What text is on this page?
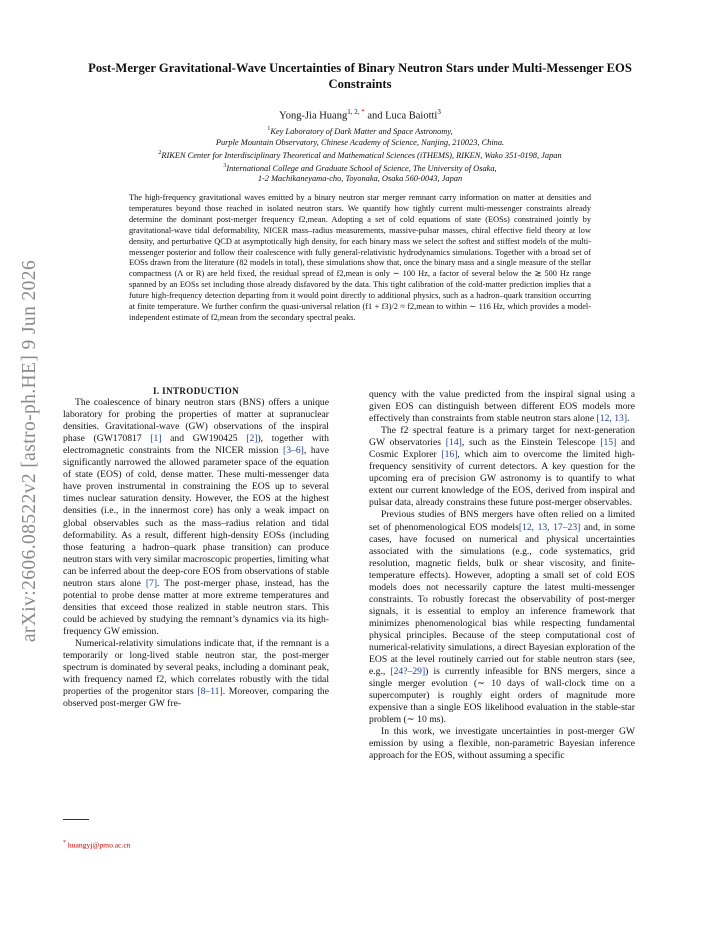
arXiv:2606.08522v2 [astro-ph.HE] 9 Jun 2026
Post-Merger Gravitational-Wave Uncertainties of Binary Neutron Stars under Multi-Messenger EOS Constraints
Yong-Jia Huang$^{1, 2,}$ * and Luca Baiotti$^3$
$^1$Key Laboratory of Dark Matter and Space Astronomy,
Purple Mountain Observatory, Chinese Academy of Science, Nanjing, 210023, China.
$^2$RIKEN Center for Interdisciplinary Theoretical and Mathematical Sciences (iTHEMS), RIKEN, Wako 351-0198, Japan
$^3$International College and Graduate School of Science, The University of Osaka,
1-2 Machikaneyama-cho, Toyonaka, Osaka 560-0043, Japan
The high-frequency gravitational waves emitted by a binary neutron star merger remnant carry information on matter at densities and temperatures beyond those reached in isolated neutron stars. We quantify how tightly current multi-messenger constraints already determine the dominant post-merger frequency f2,mean. Adopting a set of cold equations of state (EOSs) constrained jointly by gravitational-wave tidal deformability, NICER mass–radius measurements, massive-pulsar masses, chiral effective field theory at low density, and perturbative QCD at asymptotically high density, for each binary mass we select the softest and stiffest models of the multi-messenger posterior and follow their coalescence with fully general-relativistic hydrodynamics simulations. Together with a broad set of EOSs drawn from the literature (82 models in total), these simulations show that, once the binary mass and a single measure of the stellar compactness (Λ or R) are held fixed, the residual spread of f2,mean is only ∼ 100 Hz, a factor of several below the ≳ 500 Hz range spanned by an EOSs set including those already disfavored by the data. This tight calibration of the cold-matter prediction implies that a future high-frequency detection departing from it would point directly to additional physics, such as a hadron–quark transition occurring at finite temperature. We further confirm the quasi-universal relation (f1 + f3)/2 ≈ f2,mean to within ∼ 116 Hz, which provides a model-independent estimate of f2,mean from the secondary spectral peaks.

I. INTRODUCTION

The coalescence of binary neutron stars (BNS) offers a unique laboratory for probing the properties of matter at supranuclear densities. Gravitational-wave (GW) observations of the inspiral phase (GW170817 [1] and GW190425 [2]), together with electromagnetic constraints from the NICER mission [3–6], have significantly narrowed the allowed parameter space of the equation of state (EOS) of cold, dense matter. These multi-messenger data have proven instrumental in constraining the EOS up to several times nuclear saturation density. However, the EOS at the highest densities (i.e., in the innermost core) has only a weak impact on global observables such as the mass–radius relation and tidal deformability. As a result, different high-density EOSs (including those featuring a hadron–quark phase transition) can produce neutron stars with very similar macroscopic properties, limiting what can be inferred about the deep-core EOS from observations of stable neutron stars alone [7]. The post-merger phase, instead, has the potential to probe dense matter at more extreme temperatures and densities that exceed those realized in stable neutron stars. This could be achieved by studying the remnant’s dynamics via its high-frequency GW emission.

Numerical-relativity simulations indicate that, if the remnant is a temporarily or long-lived stable neutron star, the post-merger spectrum is dominated by several peaks, including a dominant peak, with frequency named f2, which correlates robustly with the tidal properties of the progenitor stars [8–11]. Moreover, comparing the observed post-merger GW fre-

quency with the value predicted from the inspiral signal using a given EOS can distinguish between different EOS models more effectively than constraints from stable neutron stars alone [12, 13].

The f2 spectral feature is a primary target for next-generation GW observatories [14], such as the Einstein Telescope [15] and Cosmic Explorer [16], which aim to overcome the limited high-frequency sensitivity of current detectors. A key question for the upcoming era of precision GW astronomy is to quantify to what extent our current knowledge of the EOS, derived from inspiral and pulsar data, already constrains these future post-merger observables.

Previous studies of BNS mergers have often relied on a limited set of phenomenological EOS models[12, 13, 17–23] and, in some cases, have focused on numerical and physical uncertainties associated with the simulations (e.g., code systematics, grid resolution, magnetic fields, bulk or shear viscosity, and finite-temperature effects). However, adopting a small set of cold EOS models does not necessarily capture the latest multi-messenger constraints. To robustly forecast the observability of post-merger signals, it is essential to employ an inference framework that minimizes phenomenological bias while respecting fundamental physical principles. Because of the steep computational cost of numerical-relativity simulations, a direct Bayesian exploration of the EOS at the level routinely carried out for stable neutron stars (see, e.g., [24?–29]) is currently infeasible for BNS mergers, since a single merger evolution (∼ 10 days of wall-clock time on a supercomputer) is roughly eight orders of magnitude more expensive than a single EOS likelihood evaluation in the stable-star problem (∼ 10 ms).

In this work, we investigate uncertainties in post-merger GW emission by using a flexible, non-parametric Bayesian inference approach for the EOS, without assuming a specific

* huangyj@pmo.ac.cn
